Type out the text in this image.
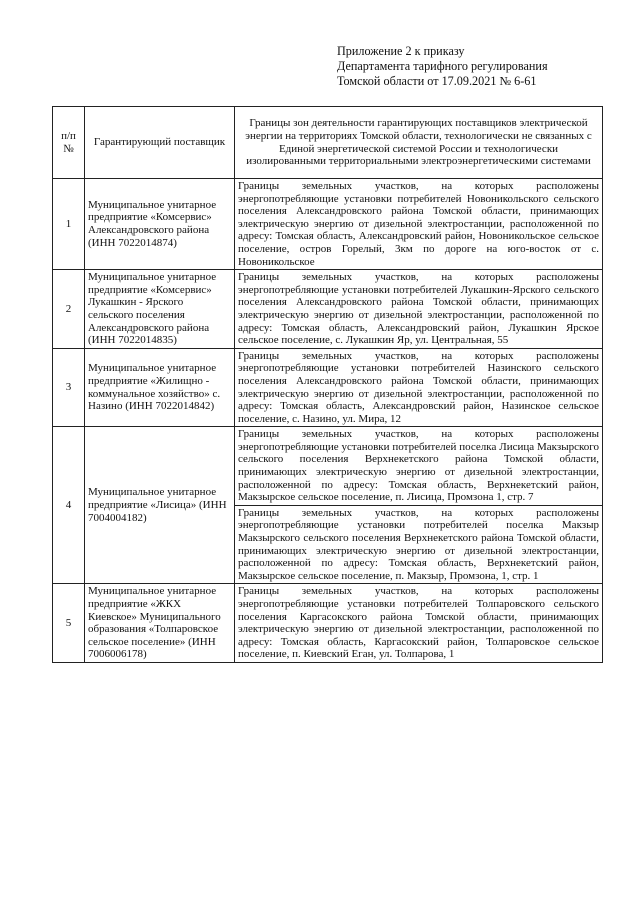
Приложение 2 к приказу
Департамента тарифного регулирования
Томской области от 17.09.2021 № 6-61
п/п №	Гарантирующий поставщик	Границы зон деятельности гарантирующих поставщиков электрической энергии на территориях Томской области, технологически не связанных с Единой энергетической системой России и технологически изолированными территориальными электроэнергетическими системами
1	Муниципальное унитарное предприятие «Комсервис» Александровского района (ИНН 7022014874)	Границы земельных участков, на которых расположены энергопотребляющие установки потребителей Новоникольского сельского поселения Александровского района Томской области, принимающих электрическую энергию от дизельной электростанции, расположенной по адресу: Томская область, Александровский район, Новоникольское сельское поселение, остров Горелый, 3км по дороге на юго-восток от с. Новоникольское
2	Муниципальное унитарное предприятие «Комсервис» Лукашкин - Ярского сельского поселения Александровского района (ИНН 7022014835)	Границы земельных участков, на которых расположены энергопотребляющие установки потребителей Лукашкин-Ярского сельского поселения Александровского района Томской области, принимающих электрическую энергию от дизельной электростанции, расположенной по адресу: Томская область, Александровский район, Лукашкин Ярское сельское поселение, с. Лукашкин Яр, ул. Центральная, 55
3	Муниципальное унитарное предприятие «Жилищно - коммунальное хозяйство» с. Назино (ИНН 7022014842)	Границы земельных участков, на которых расположены энергопотребляющие установки потребителей Назинского сельского поселения Александровского района Томской области, принимающих электрическую энергию от дизельной электростанции, расположенной по адресу: Томская область, Александровский район, Назинское сельское поселение, с. Назино, ул. Мира, 12
4	Муниципальное унитарное предприятие «Лисица» (ИНН 7004004182)	Границы земельных участков, на которых расположены энергопотребляющие установки потребителей поселка Лисица Макзырского сельского поселения Верхнекетского района Томской области, принимающих электрическую энергию от дизельной электростанции, расположенной по адресу: Томская область, Верхнекетский район, Макзырское сельское поселение, п. Лисица, Промзона 1, стр. 7
		Границы земельных участков, на которых расположены энергопотребляющие установки потребителей поселка Макзыр Макзырского сельского поселения Верхнекетского района Томской области, принимающих электрическую энергию от дизельной электростанции, расположенной по адресу: Томская область, Верхнекетский район, Макзырское сельское поселение, п. Макзыр, Промзона, 1, стр. 1
5	Муниципальное унитарное предприятие «ЖКХ Киевское» Муниципального образования «Толпаровское сельское поселение» (ИНН 7006006178)	Границы земельных участков, на которых расположены энергопотребляющие установки потребителей Толпаровского сельского поселения Каргасокского района Томской области, принимающих электрическую энергию от дизельной электростанции, расположенной по адресу: Томская область, Каргасокский район, Толпаровское сельское поселение, п. Киевский Еган, ул. Толпарова, 1
